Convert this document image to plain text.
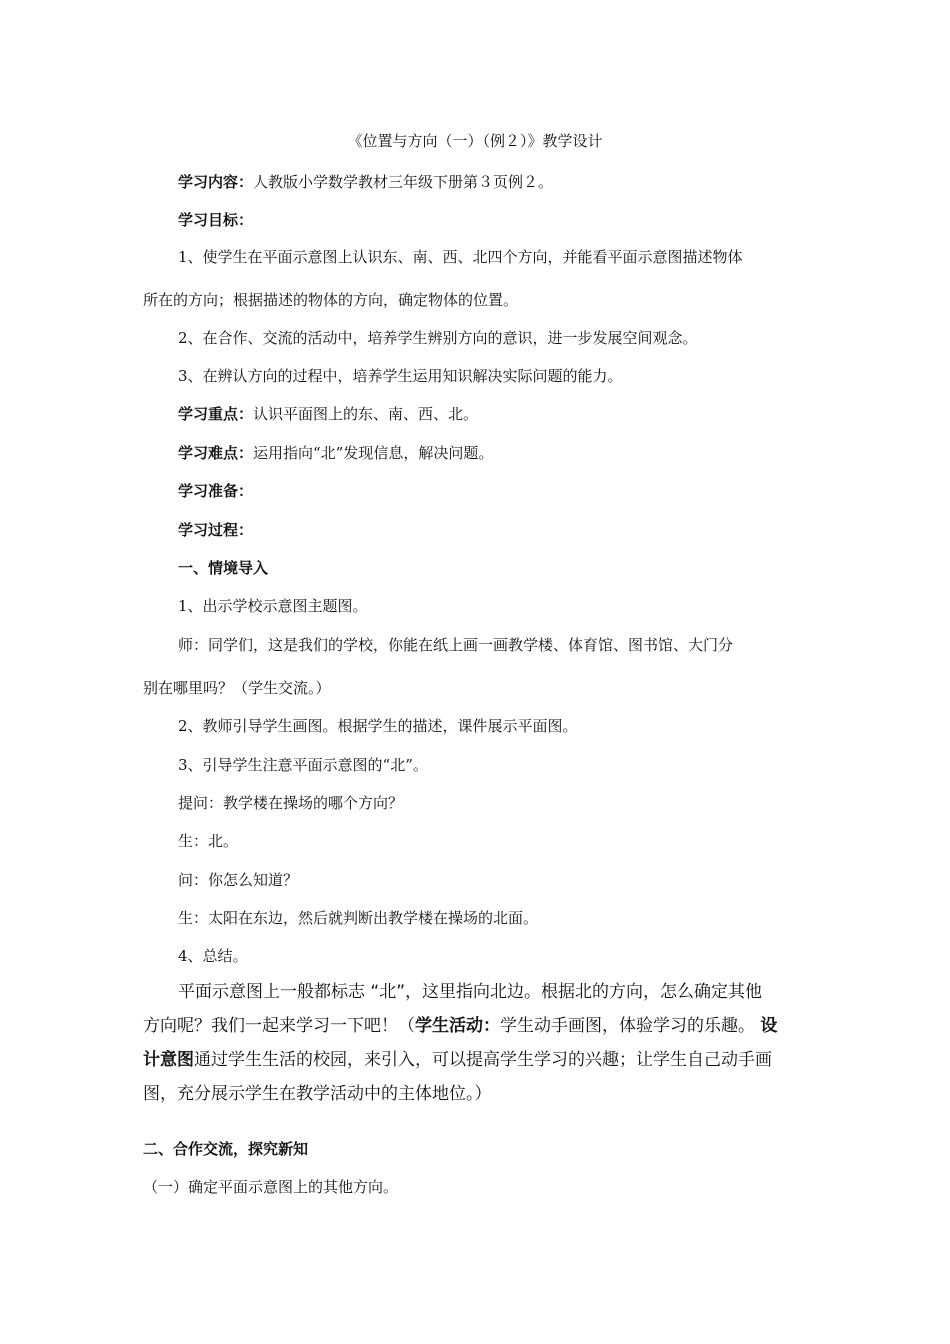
《位置与方向（一）（例２）》教学设计
学习内容：人教版小学数学教材三年级下册第３页例２。
学习目标：
1、使学生在平面示意图上认识东、南、西、北四个方向，并能看平面示意图描述物体
所在的方向；根据描述的物体的方向，确定物体的位置。
2、在合作、交流的活动中，培养学生辨别方向的意识，进一步发展空间观念。
3、在辨认方向的过程中，培养学生运用知识解决实际问题的能力。
学习重点：认识平面图上的东、南、西、北。
学习难点：运用指向“北”发现信息，解决问题。
学习准备：
学习过程：
一、情境导入
1、出示学校示意图主题图。
师：同学们，这是我们的学校，你能在纸上画一画教学楼、体育馆、图书馆、大门分
别在哪里吗？（学生交流。）
2、教师引导学生画图。根据学生的描述，课件展示平面图。
3、引导学生注意平面示意图的“北”。
提问：教学楼在操场的哪个方向？
生：北。
问：你怎么知道？
生：太阳在东边，然后就判断出教学楼在操场的北面。
4、总结。
平面示意图上一般都标志 “北”，这里指向北边。根据北的方向，怎么确定其他
方向呢？我们一起来学习一下吧！（学生活动：学生动手画图，体验学习的乐趣。 设
计意图通过学生生活的校园，来引入，可以提高学生学习的兴趣；让学生自己动手画
图，充分展示学生在教学活动中的主体地位。）
二、合作交流，探究新知
（一）确定平面示意图上的其他方向。
